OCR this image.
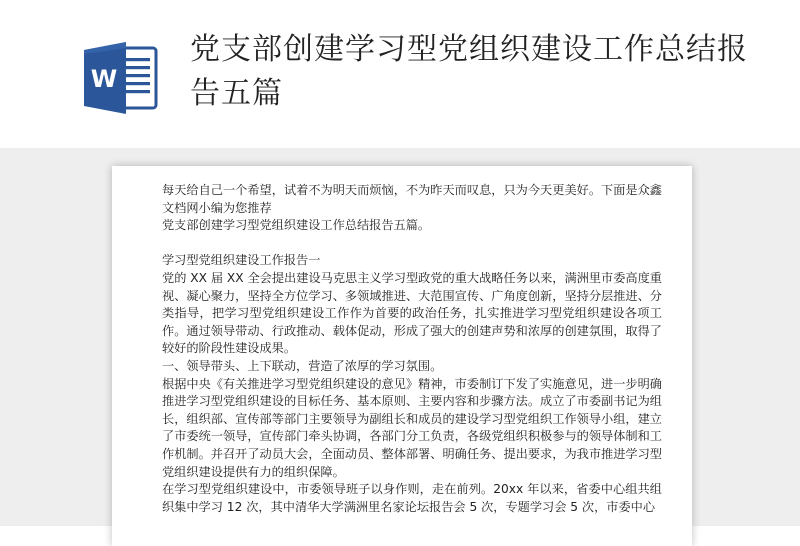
W
党支部创建学习型党组织建设工作总结报告五篇

每天给自己一个希望，试着不为明天而烦恼，不为昨天而叹息，只为今天更美好。下面是众鑫文档网小编为您推荐

党支部创建学习型党组织建设工作总结报告五篇。

学习型党组织建设工作报告一

党的 XX 届 XX 全会提出建设马克思主义学习型政党的重大战略任务以来，满洲里市委高度重视、凝心聚力，坚持全方位学习、多领域推进、大范围宣传、广角度创新，坚持分层推进、分类指导，把学习型党组织建设工作作为首要的政治任务，扎实推进学习型党组织建设各项工作。通过领导带动、行政推动、载体促动，形成了强大的创建声势和浓厚的创建氛围，取得了较好的阶段性建设成果。

一、领导带头、上下联动，营造了浓厚的学习氛围。

根据中央《有关推进学习型党组织建设的意见》精神，市委制订下发了实施意见，进一步明确推进学习型党组织建设的目标任务、基本原则、主要内容和步骤方法。成立了市委副书记为组长，组织部、宣传部等部门主要领导为副组长和成员的建设学习型党组织工作领导小组，建立了市委统一领导，宣传部门牵头协调，各部门分工负责，各级党组织积极参与的领导体制和工作机制。并召开了动员大会，全面动员、整体部署、明确任务、提出要求，为我市推进学习型党组织建设提供有力的组织保障。

在学习型党组织建设中，市委领导班子以身作则，走在前列。20xx 年以来，省委中心组共组织集中学习 12 次，其中清华大学满洲里名家论坛报告会 5 次，专题学习会 5 次，市委中心
